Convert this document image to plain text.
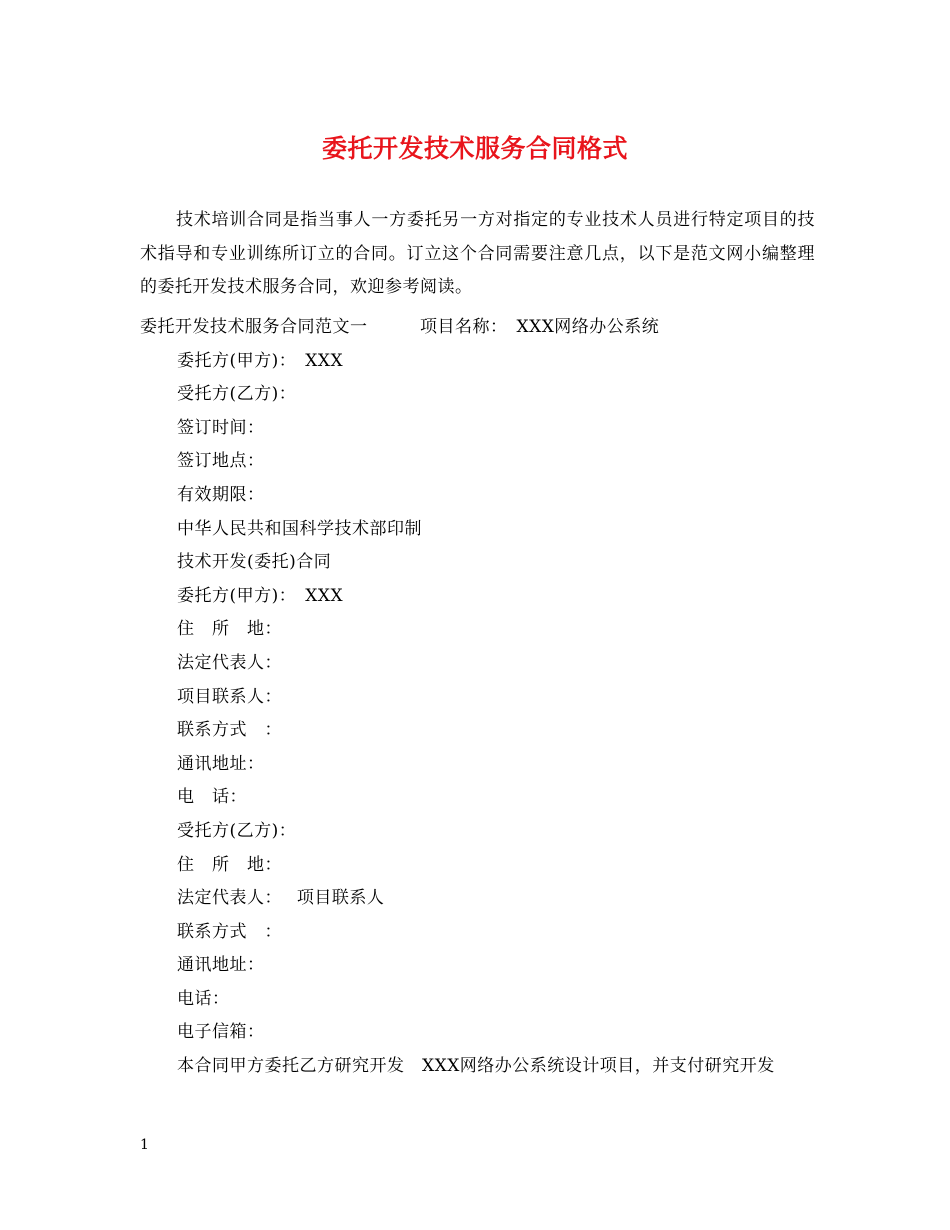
委托开发技术服务合同格式
技术培训合同是指当事人一方委托另一方对指定的专业技术人员进行特定项目的技术指导和专业训练所订立的合同。订立这个合同需要注意几点，以下是范文网小编整理的委托开发技术服务合同，欢迎参考阅读。
委托开发技术服务合同范文一　　　项目名称：　XXX网络办公系统
委托方(甲方)：　XXX
受托方(乙方)：
签订时间：
签订地点：
有效期限：
中华人民共和国科学技术部印制
技术开发(委托)合同
委托方(甲方)：　XXX
住　所　地：
法定代表人：
项目联系人：
联系方式　：
通讯地址：
电　话：
受托方(乙方)：
住　所　地：
法定代表人：　 项目联系人
联系方式　：
通讯地址：
电话：
电子信箱：
本合同甲方委托乙方研究开发　XXX网络办公系统设计项目，并支付研究开发
1
